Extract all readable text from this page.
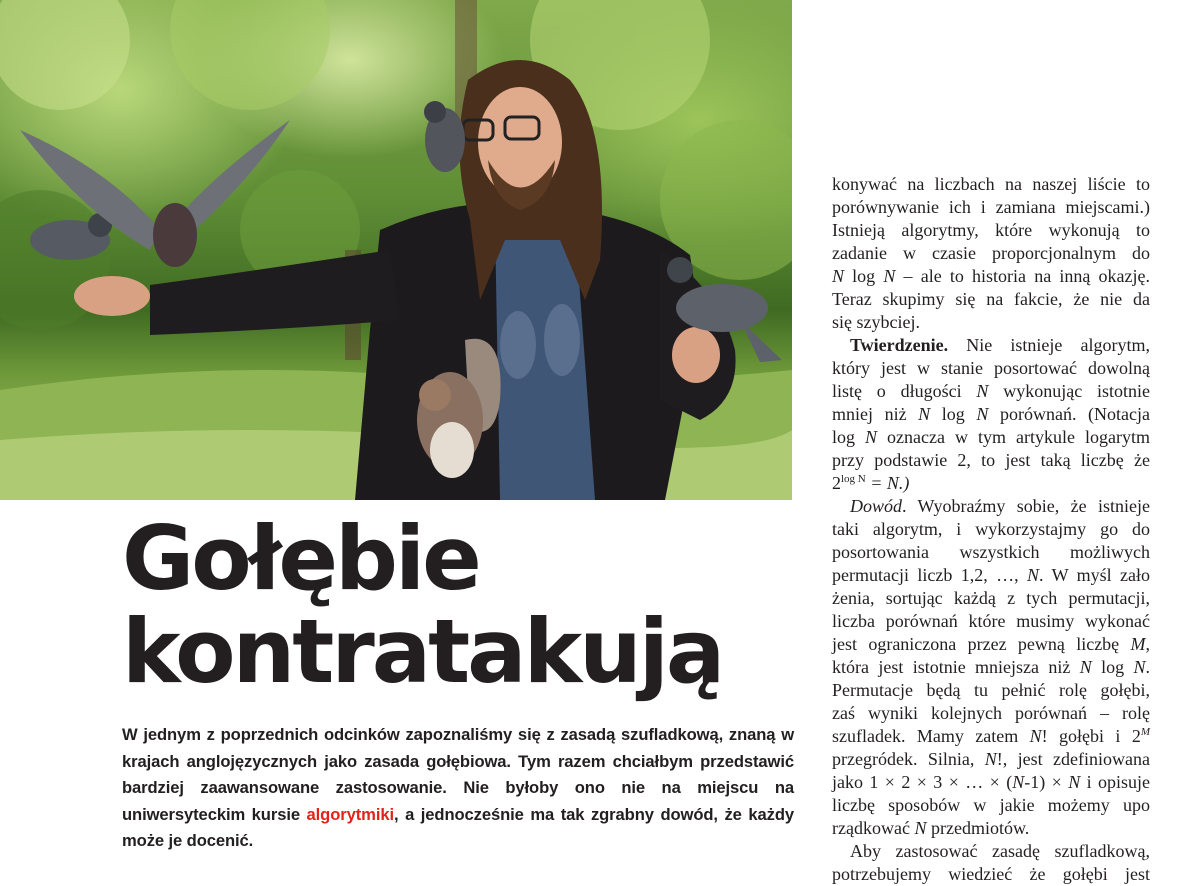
Gołębie
kontratakują

W jednym z poprzednich odcinków zapoznaliśmy się z zasadą szufladkową, znaną w krajach anglojęzycznych jako zasada gołębiowa. Tym razem chciałbym przedstawić bardziej zaawansowane zastosowanie. Nie byłoby ono nie na miejscu na uniwersyteckim kursie algorytmiki, a jednocześnie ma tak zgrabny dowód, że każdy może je docenić.

konywać na liczbach na naszej liście to
porównywanie ich i zamiana miejscami.)
Istnieją algorytmy, które wykonują to
zadanie w czasie proporcjonalnym do
N log N – ale to historia na inną okazję.
Teraz skupimy się na fakcie, że nie da
się szybciej.
Twierdzenie. Nie istnieje algorytm,
który jest w stanie posortować dowolną
listę o długości N wykonując istotnie
mniej niż N log N porównań. (Notacja
log N oznacza w tym artykule logarytm
przy podstawie 2, to jest taką liczbę że
$2^{log N} = N$.)
Dowód. Wyobraźmy sobie, że istnieje
taki algorytm, i wykorzystajmy go do
posortowania wszystkich możliwych
permutacji liczb 1,2, …, N. W myśl zało
żenia, sortując każdą z tych permutacji,
liczba porównań które musimy wykonać
jest ograniczona przez pewną liczbę M,
która jest istotnie mniejsza niż N log N.
Permutacje będą tu pełnić rolę gołębi,
zaś wyniki kolejnych porównań – rolę
szufladek. Mamy zatem N! gołębi i $2^M$
przegródek. Silnia, N!, jest zdefiniowana
jako 1 × 2 × 3 × … × (N-1) × N i opisuje
liczbę sposobów w jakie możemy upo
rządkować N przedmiotów.
Aby zastosować zasadę szufladkową,
potrzebujemy wiedzieć że gołębi jest
